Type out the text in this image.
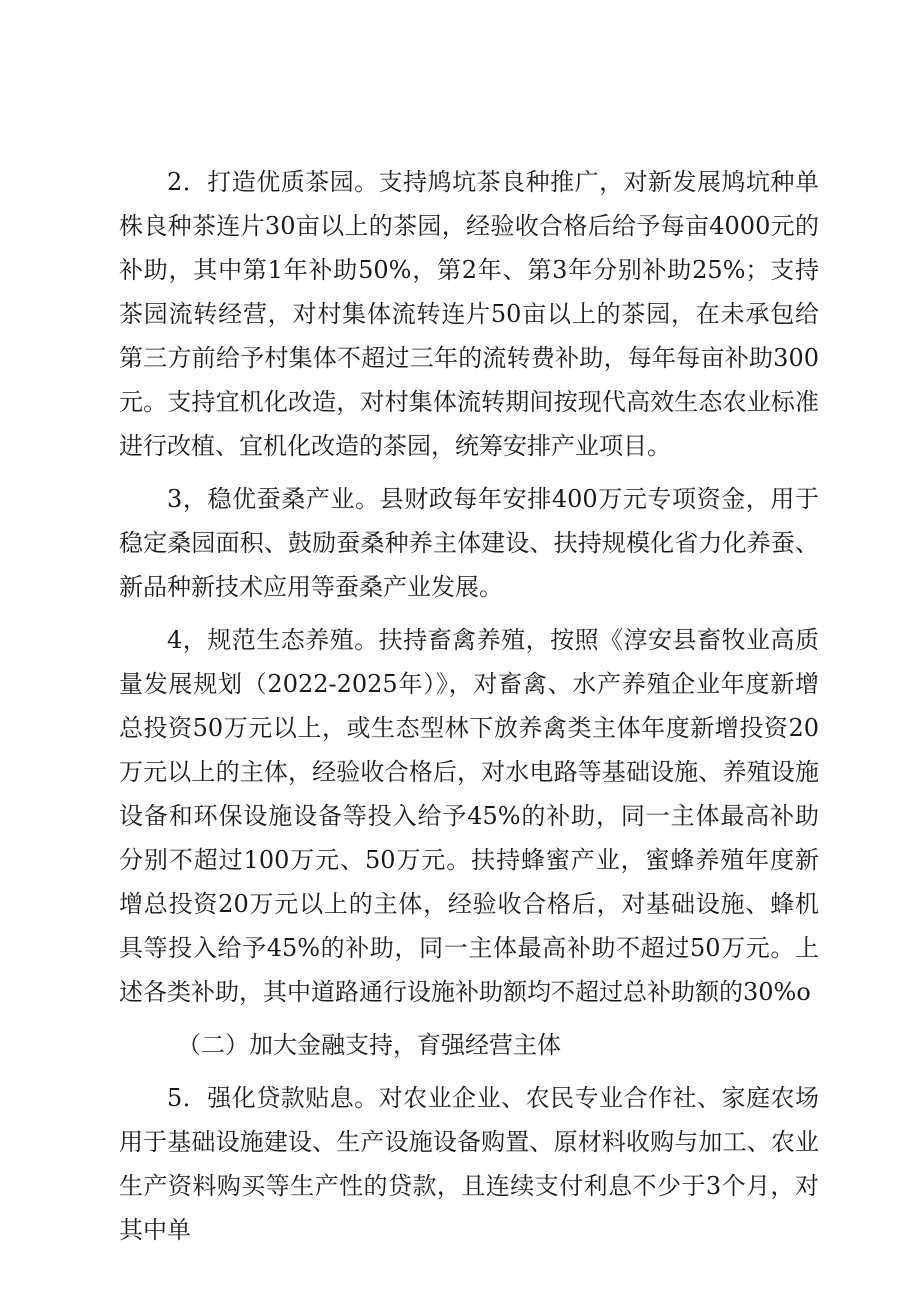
2．打造优质茶园。支持鸠坑茶良种推广，对新发展鸠坑种单株良种茶连片30亩以上的茶园，经验收合格后给予每亩4000元的补助，其中第1年补助50%，第2年、第3年分别补助25%；支持茶园流转经营，对村集体流转连片50亩以上的茶园，在未承包给第三方前给予村集体不超过三年的流转费补助，每年每亩补助300元。支持宜机化改造，对村集体流转期间按现代高效生态农业标准进行改植、宜机化改造的茶园，统筹安排产业项目。

3，稳优蚕桑产业。县财政每年安排400万元专项资金，用于稳定桑园面积、鼓励蚕桑种养主体建设、扶持规模化省力化养蚕、新品种新技术应用等蚕桑产业发展。

4，规范生态养殖。扶持畜禽养殖，按照《淳安县畜牧业高质量发展规划（2022-2025年）》，对畜禽、水产养殖企业年度新增总投资50万元以上，或生态型林下放养禽类主体年度新增投资20万元以上的主体，经验收合格后，对水电路等基础设施、养殖设施设备和环保设施设备等投入给予45%的补助，同一主体最高补助分别不超过100万元、50万元。扶持蜂蜜产业，蜜蜂养殖年度新增总投资20万元以上的主体，经验收合格后，对基础设施、蜂机具等投入给予45%的补助，同一主体最高补助不超过50万元。上述各类补助，其中道路通行设施补助额均不超过总补助额的30%o

（二）加大金融支持，育强经营主体

5．强化贷款贴息。对农业企业、农民专业合作社、家庭农场用于基础设施建设、生产设施设备购置、原材料收购与加工、农业生产资料购买等生产性的贷款，且连续支付利息不少于3个月，对其中单
